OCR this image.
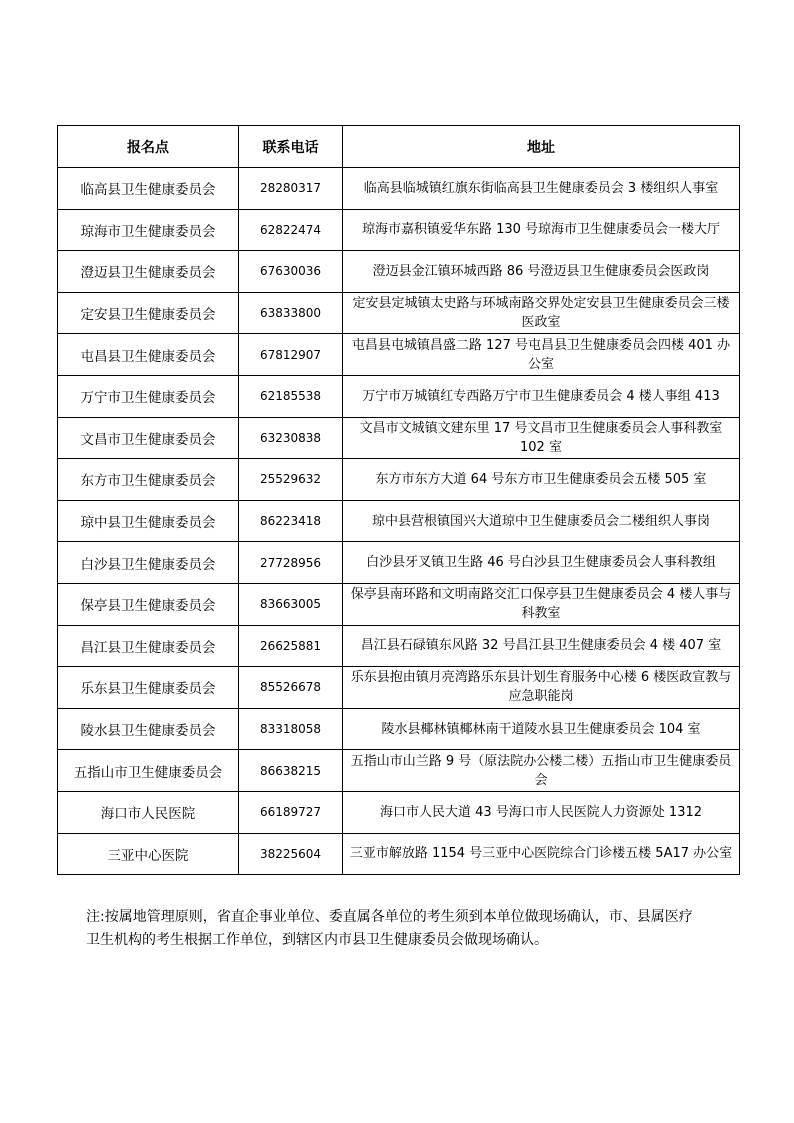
报名点	联系电话	地址
临高县卫生健康委员会	28280317	临高县临城镇红旗东街临高县卫生健康委员会 3 楼组织人事室
琼海市卫生健康委员会	62822474	琼海市嘉积镇爱华东路 130 号琼海市卫生健康委员会一楼大厅
澄迈县卫生健康委员会	67630036	澄迈县金江镇环城西路 86 号澄迈县卫生健康委员会医政岗
定安县卫生健康委员会	63833800	定安县定城镇太史路与环城南路交界处定安县卫生健康委员会三楼医政室
屯昌县卫生健康委员会	67812907	屯昌县屯城镇昌盛二路 127 号屯昌县卫生健康委员会四楼 401 办公室
万宁市卫生健康委员会	62185538	万宁市万城镇红专西路万宁市卫生健康委员会 4 楼人事组 413
文昌市卫生健康委员会	63230838	文昌市文城镇文建东里 17 号文昌市卫生健康委员会人事科教室 102 室
东方市卫生健康委员会	25529632	东方市东方大道 64 号东方市卫生健康委员会五楼 505 室
琼中县卫生健康委员会	86223418	琼中县营根镇国兴大道琼中卫生健康委员会二楼组织人事岗
白沙县卫生健康委员会	27728956	白沙县牙叉镇卫生路 46 号白沙县卫生健康委员会人事科教组
保亭县卫生健康委员会	83663005	保亭县南环路和文明南路交汇口保亭县卫生健康委员会 4 楼人事与科教室
昌江县卫生健康委员会	26625881	昌江县石碌镇东风路 32 号昌江县卫生健康委员会 4 楼 407 室
乐东县卫生健康委员会	85526678	乐东县抱由镇月亮湾路乐东县计划生育服务中心楼 6 楼医政宣教与应急职能岗
陵水县卫生健康委员会	83318058	陵水县椰林镇椰林南干道陵水县卫生健康委员会 104 室
五指山市卫生健康委员会	86638215	五指山市山兰路 9 号（原法院办公楼二楼）五指山市卫生健康委员会
海口市人民医院	66189727	海口市人民大道 43 号海口市人民医院人力资源处 1312
三亚中心医院	38225604	三亚市解放路 1154 号三亚中心医院综合门诊楼五楼 5A17 办公室

注:按属地管理原则，省直企事业单位、委直属各单位的考生须到本单位做现场确认，市、县属医疗卫生机构的考生根据工作单位，到辖区内市县卫生健康委员会做现场确认。
